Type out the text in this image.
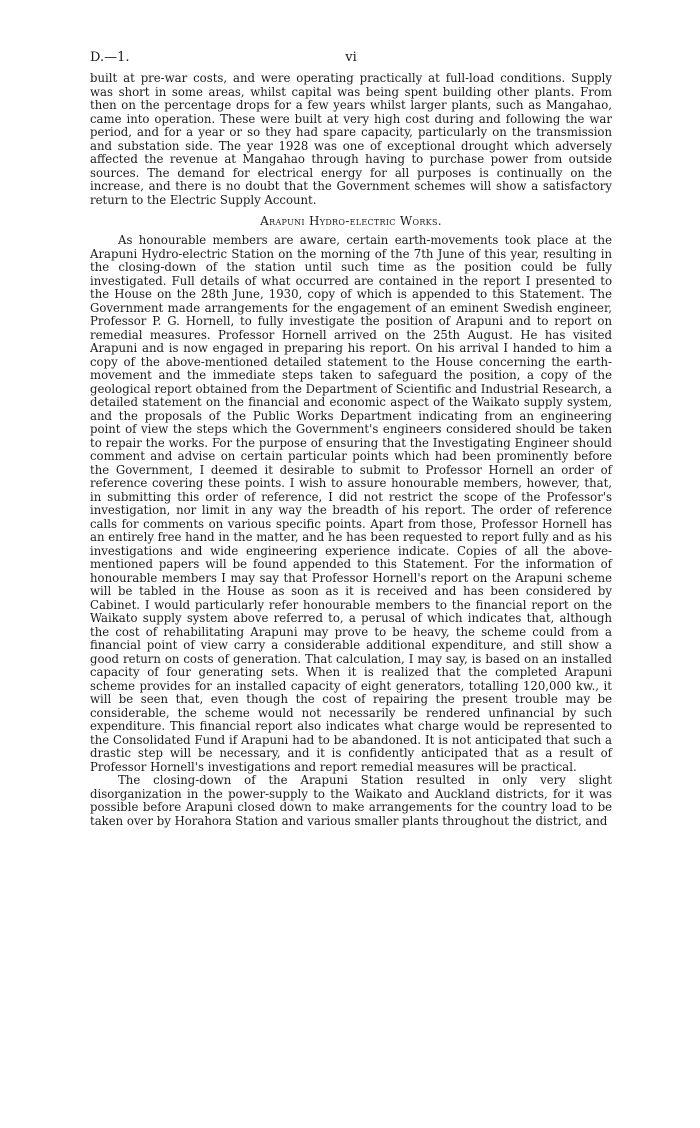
D.—1.	vi

built at pre-war costs, and were operating practically at full-load conditions. Supply was short in some areas, whilst capital was being spent building other plants. From then on the percentage drops for a few years whilst larger plants, such as Mangahao, came into operation. These were built at very high cost during and following the war period, and for a year or so they had spare capacity, particularly on the transmission and substation side. The year 1928 was one of exceptional drought which adversely affected the revenue at Mangahao through having to purchase power from outside sources. The demand for electrical energy for all purposes is continually on the increase, and there is no doubt that the Government schemes will show a satisfactory return to the Electric Supply Account.

Arapuni Hydro-electric Works.

As honourable members are aware, certain earth-movements took place at the Arapuni Hydro-electric Station on the morning of the 7th June of this year, resulting in the closing-down of the station until such time as the position could be fully investigated. Full details of what occurred are contained in the report I presented to the House on the 28th June, 1930, copy of which is appended to this Statement. The Government made arrangements for the engagement of an eminent Swedish engineer, Professor P. G. Hornell, to fully investigate the position of Arapuni and to report on remedial measures. Professor Hornell arrived on the 25th August. He has visited Arapuni and is now engaged in preparing his report. On his arrival I handed to him a copy of the above-mentioned detailed statement to the House concerning the earth-movement and the immediate steps taken to safeguard the position, a copy of the geological report obtained from the Department of Scientific and Industrial Research, a detailed statement on the financial and economic aspect of the Waikato supply system, and the proposals of the Public Works Department indicating from an engineering point of view the steps which the Government's engineers considered should be taken to repair the works. For the purpose of ensuring that the Investigating Engineer should comment and advise on certain particular points which had been prominently before the Government, I deemed it desirable to submit to Professor Hornell an order of reference covering these points. I wish to assure honourable members, however, that, in submitting this order of reference, I did not restrict the scope of the Professor's investigation, nor limit in any way the breadth of his report. The order of reference calls for comments on various specific points. Apart from those, Professor Hornell has an entirely free hand in the matter, and he has been requested to report fully and as his investigations and wide engineering experience indicate. Copies of all the above-mentioned papers will be found appended to this Statement. For the information of honourable members I may say that Professor Hornell's report on the Arapuni scheme will be tabled in the House as soon as it is received and has been considered by Cabinet. I would particularly refer honourable members to the financial report on the Waikato supply system above referred to, a perusal of which indicates that, although the cost of rehabilitating Arapuni may prove to be heavy, the scheme could from a financial point of view carry a considerable additional expenditure, and still show a good return on costs of generation. That calculation, I may say, is based on an installed capacity of four generating sets. When it is realized that the completed Arapuni scheme provides for an installed capacity of eight generators, totalling 120,000 kw., it will be seen that, even though the cost of repairing the present trouble may be considerable, the scheme would not necessarily be rendered unfinancial by such expenditure. This financial report also indicates what charge would be represented to the Consolidated Fund if Arapuni had to be abandoned. It is not anticipated that such a drastic step will be necessary, and it is confidently anticipated that as a result of Professor Hornell's investigations and report remedial measures will be practical.

The closing-down of the Arapuni Station resulted in only very slight disorganization in the power-supply to the Waikato and Auckland districts, for it was possible before Arapuni closed down to make arrangements for the country load to be taken over by Horahora Station and various smaller plants throughout the district, and
